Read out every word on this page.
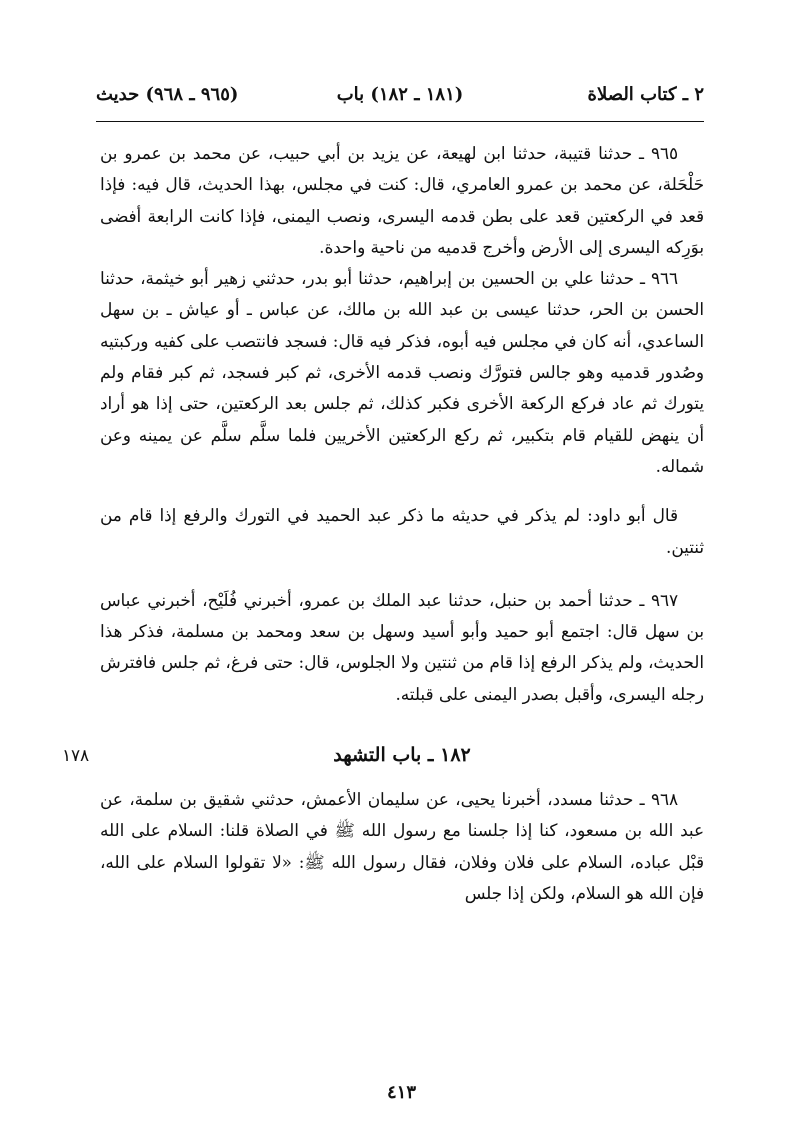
٢ ـ كتاب الصلاة
(١٨١ ـ ١٨٢) باب
(٩٦٥ ـ ٩٦٨) حديث

٩٦٥ ـ حدثنا قتيبة، حدثنا ابن لهيعة، عن يزيد بن أبي حبيب، عن محمد بن عمرو بن حَلْحَلة، عن محمد بن عمرو العامري، قال: كنت في مجلس، بهذا الحديث، قال فيه: فإذا قعد في الركعتين قعد على بطن قدمه اليسرى، ونصب اليمنى، فإذا كانت الرابعة أفضى بوَرِكه اليسرى إلى الأرض وأخرج قدميه من ناحية واحدة.

٩٦٦ ـ حدثنا علي بن الحسين بن إبراهيم، حدثنا أبو بدر، حدثني زهير أبو خيثمة، حدثنا الحسن بن الحر، حدثنا عيسى بن عبد الله بن مالك، عن عباس ـ أو عياش ـ بن سهل الساعدي، أنه كان في مجلس فيه أبوه، فذكر فيه قال: فسجد فانتصب على كفيه وركبتيه وصُدور قدميه وهو جالس فتورَّك ونصب قدمه الأخرى، ثم كبر فسجد، ثم كبر فقام ولم يتورك ثم عاد فركع الركعة الأخرى فكبر كذلك، ثم جلس بعد الركعتين، حتى إذا هو أراد أن ينهض للقيام قام بتكبير، ثم ركع الركعتين الأخريين فلما سلَّم سلَّم عن يمينه وعن شماله.

قال أبو داود: لم يذكر في حديثه ما ذكر عبد الحميد في التورك والرفع إذا قام من ثنتين.

٩٦٧ ـ حدثنا أحمد بن حنبل، حدثنا عبد الملك بن عمرو، أخبرني فُلَيْح، أخبرني عباس بن سهل قال: اجتمع أبو حميد وأبو أسيد وسهل بن سعد ومحمد بن مسلمة، فذكر هذا الحديث، ولم يذكر الرفع إذا قام من ثنتين ولا الجلوس، قال: حتى فرغ، ثم جلس فافترش رجله اليسرى، وأقبل بصدر اليمنى على قبلته.

١٨٢ ـ باب التشهد
١٧٨

٩٦٨ ـ حدثنا مسدد، أخبرنا يحيى، عن سليمان الأعمش، حدثني شقيق بن سلمة، عن عبد الله بن مسعود، كنا إذا جلسنا مع رسول الله ﷺ في الصلاة قلنا: السلام على الله قبْل عباده، السلام على فلان وفلان، فقال رسول الله ﷺ: «لا تقولوا السلام على الله، فإن الله هو السلام، ولكن إذا جلس

٤١٣
